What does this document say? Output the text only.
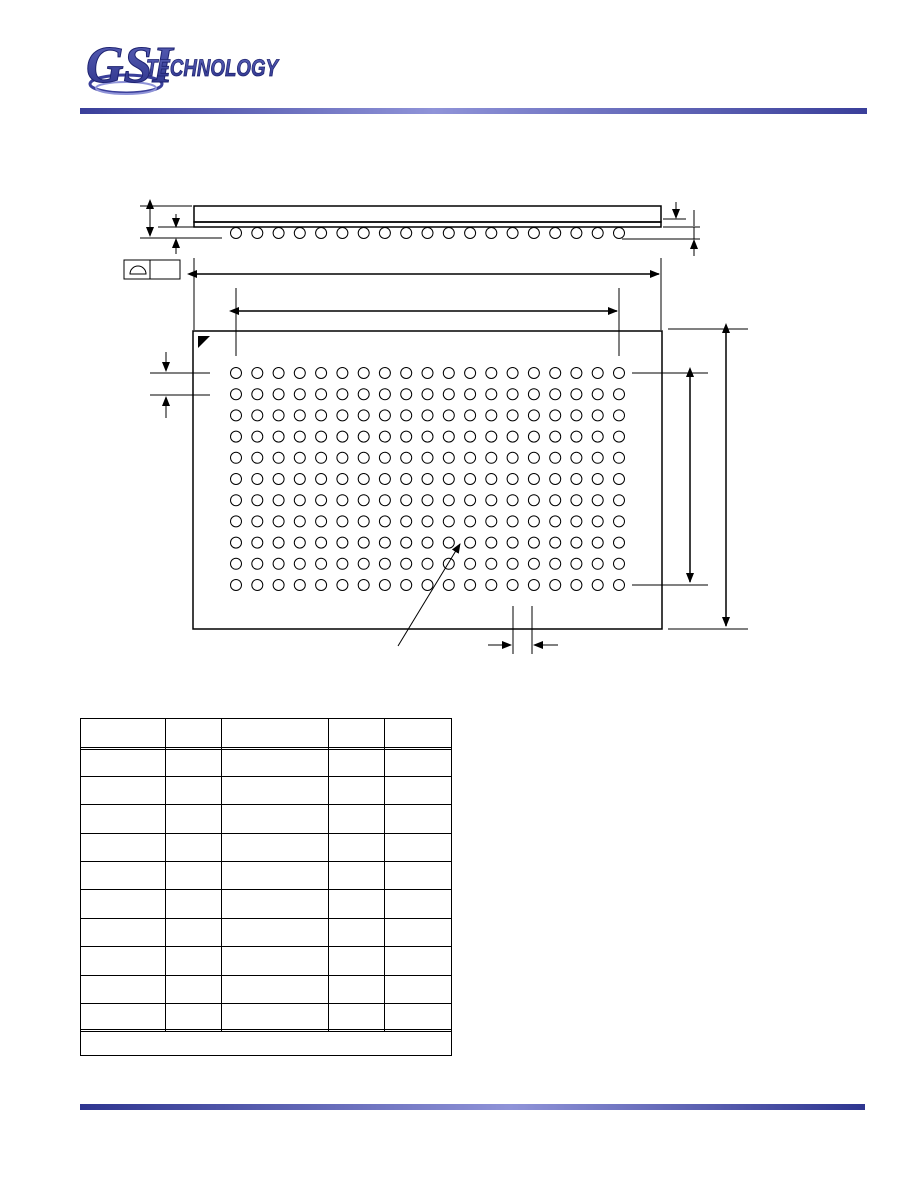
GSI
TECHNOLOGY
